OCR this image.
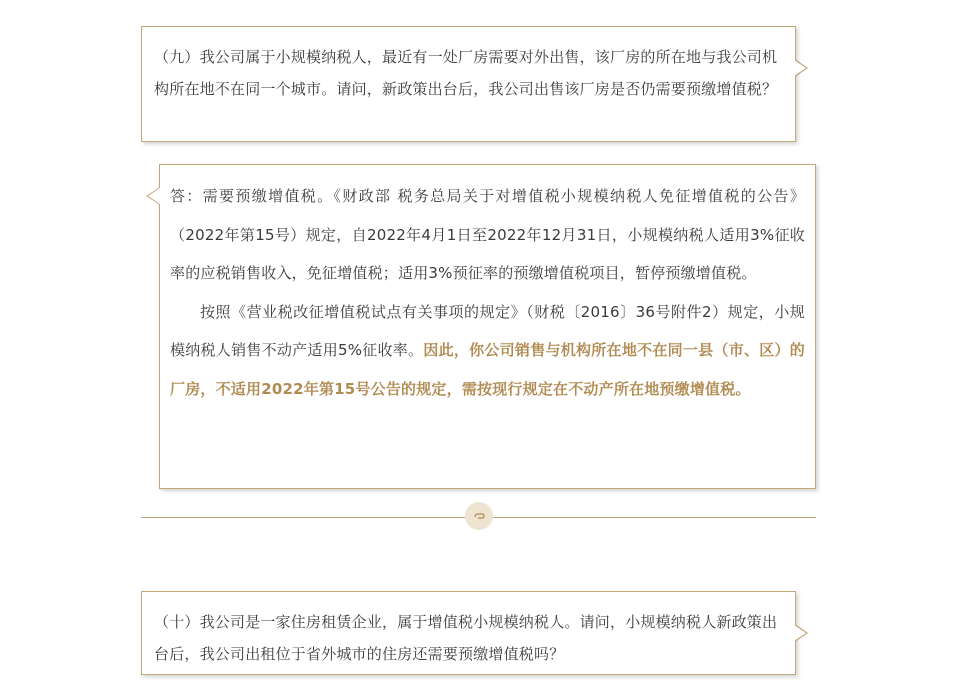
（九）我公司属于小规模纳税人，最近有一处厂房需要对外出售，该厂房的所在地与我公司机构所在地不在同一个城市。请问，新政策出台后，我公司出售该厂房是否仍需要预缴增值税？

答：需要预缴增值税。《财政部 税务总局关于对增值税小规模纳税人免征增值税的公告》（2022年第15号）规定，自2022年4月1日至2022年12月31日，小规模纳税人适用3%征收率的应税销售收入，免征增值税；适用3%预征率的预缴增值税项目，暂停预缴增值税。

按照《营业税改征增值税试点有关事项的规定》（财税〔2016〕36号附件2）规定，小规模纳税人销售不动产适用5%征收率。因此，你公司销售与机构所在地不在同一县（市、区）的厂房，不适用2022年第15号公告的规定，需按现行规定在不动产所在地预缴增值税。

（十）我公司是一家住房租赁企业，属于增值税小规模纳税人。请问，小规模纳税人新政策出台后，我公司出租位于省外城市的住房还需要预缴增值税吗？
